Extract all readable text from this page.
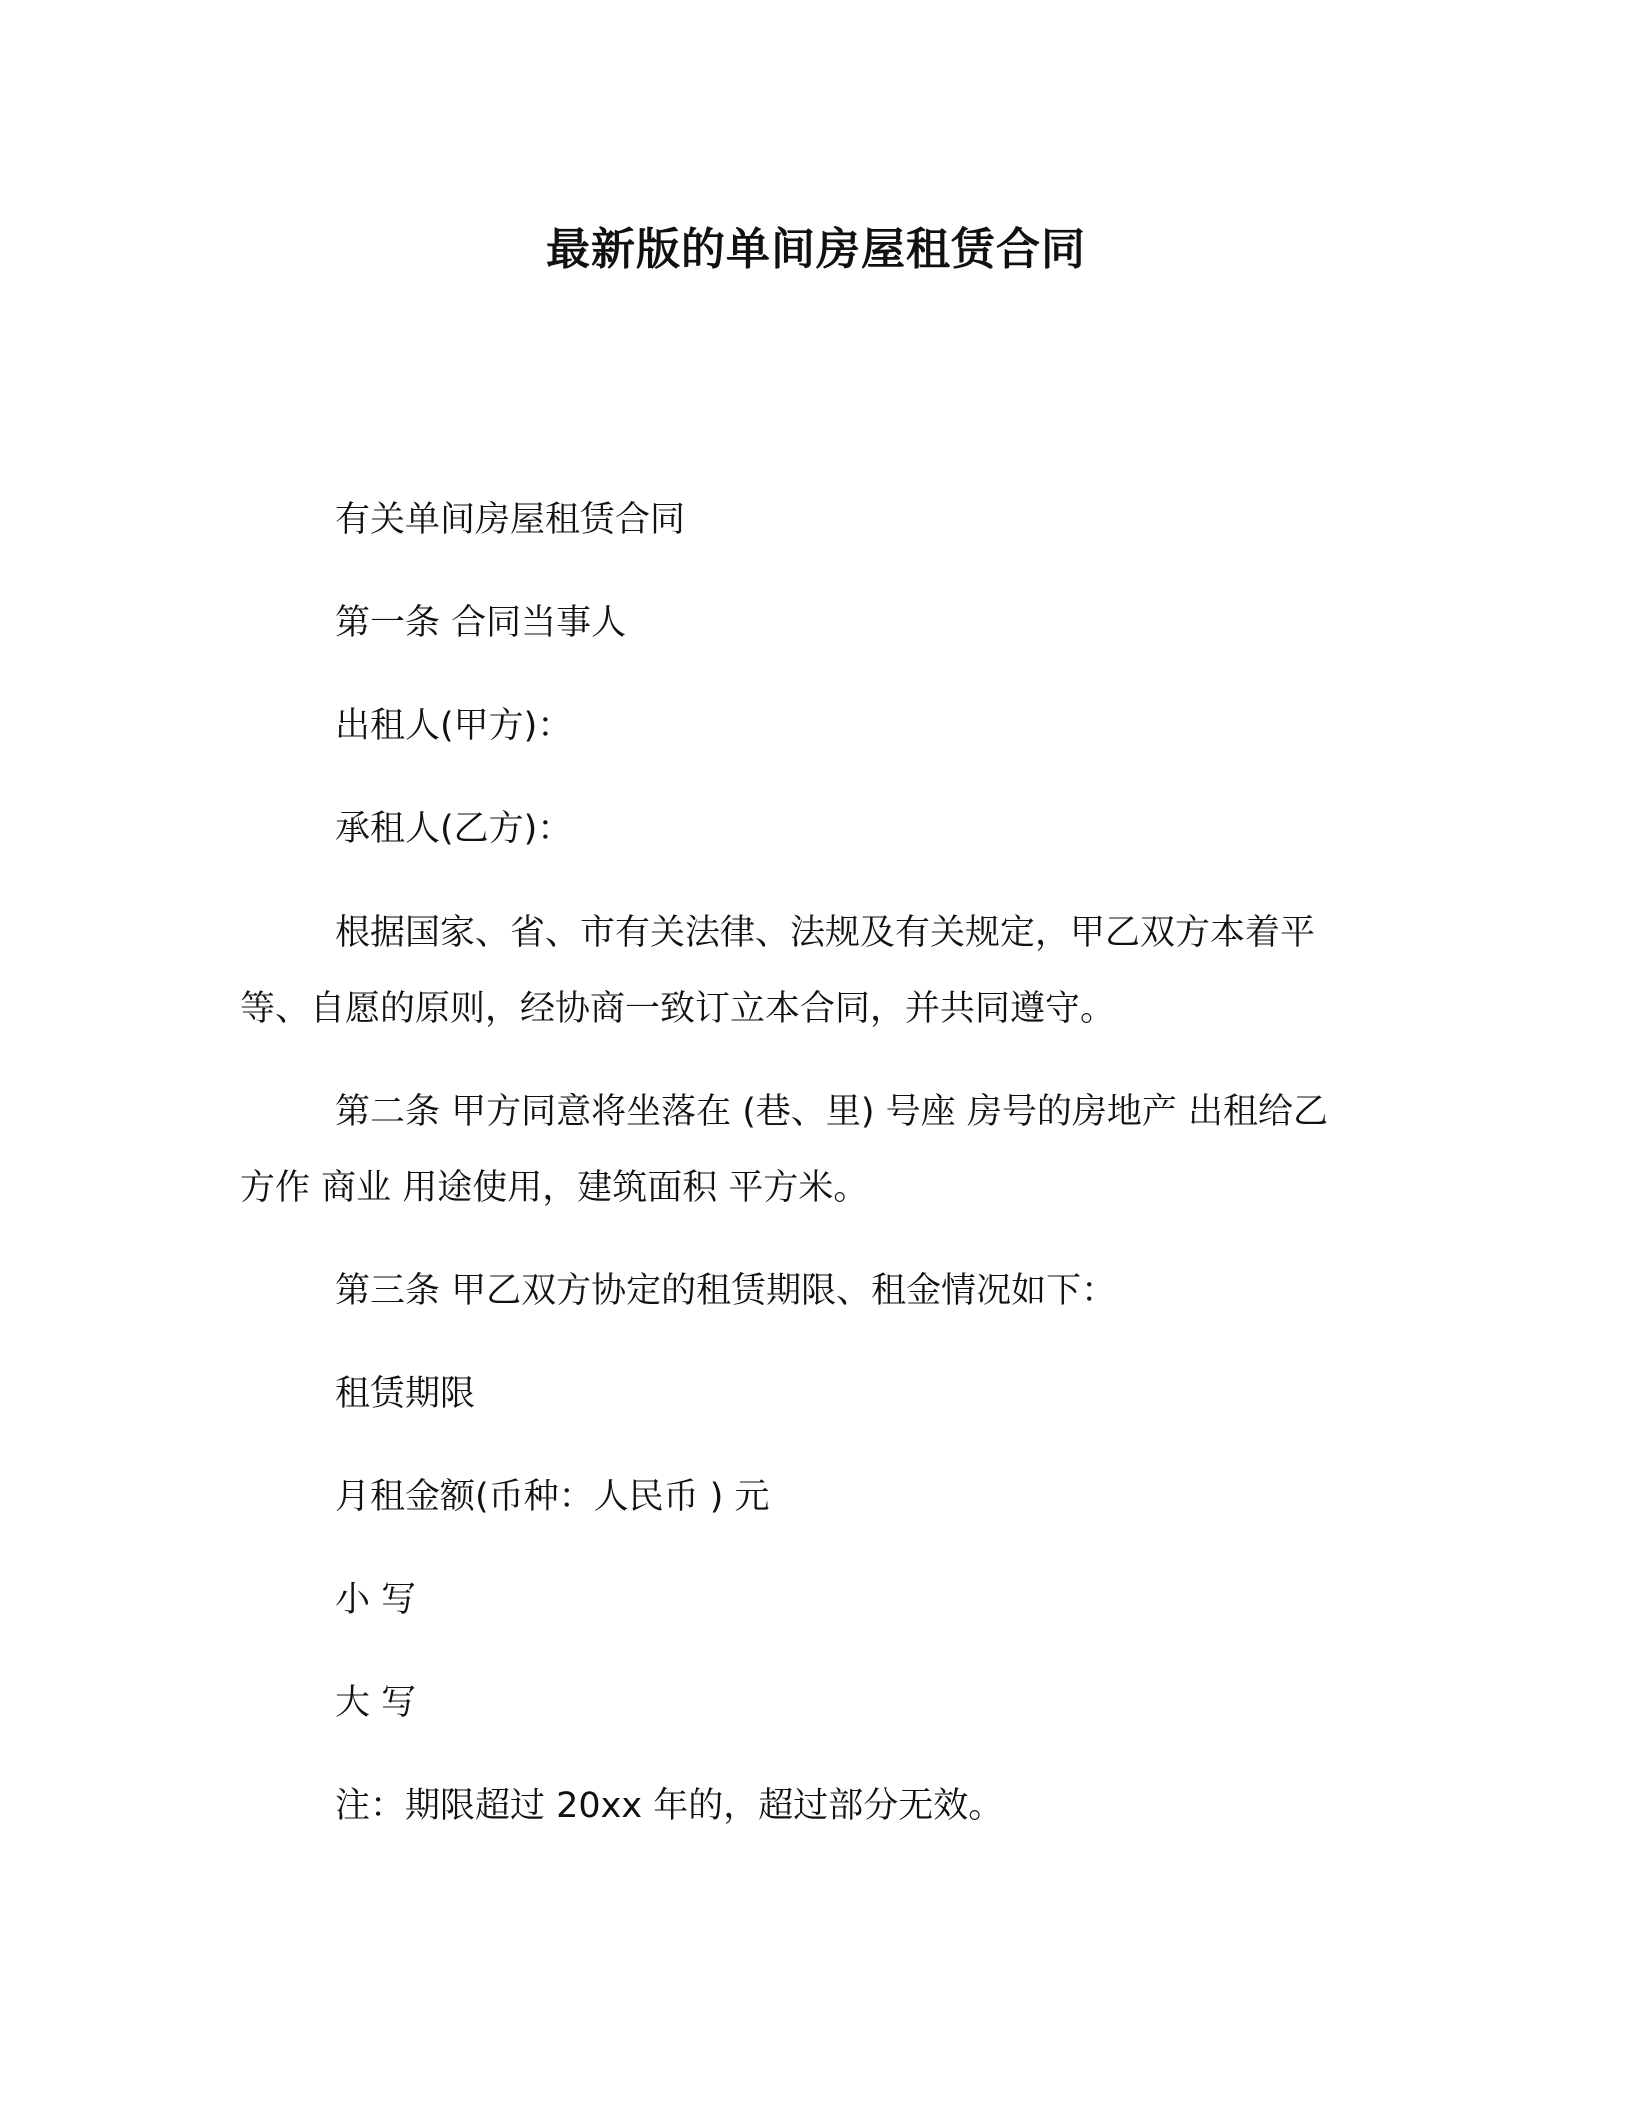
最新版的单间房屋租赁合同
有关单间房屋租赁合同
第一条 合同当事人
出租人(甲方)：
承租人(乙方)：
根据国家、省、市有关法律、法规及有关规定，甲乙双方本着平
等、自愿的原则，经协商一致订立本合同，并共同遵守。
第二条 甲方同意将坐落在 (巷、里) 号座 房号的房地产 出租给乙
方作 商业 用途使用，建筑面积 平方米。
第三条 甲乙双方协定的租赁期限、租金情况如下：
租赁期限
月租金额(币种：人民币 ) 元
小 写
大 写
注：期限超过 20xx 年的，超过部分无效。
